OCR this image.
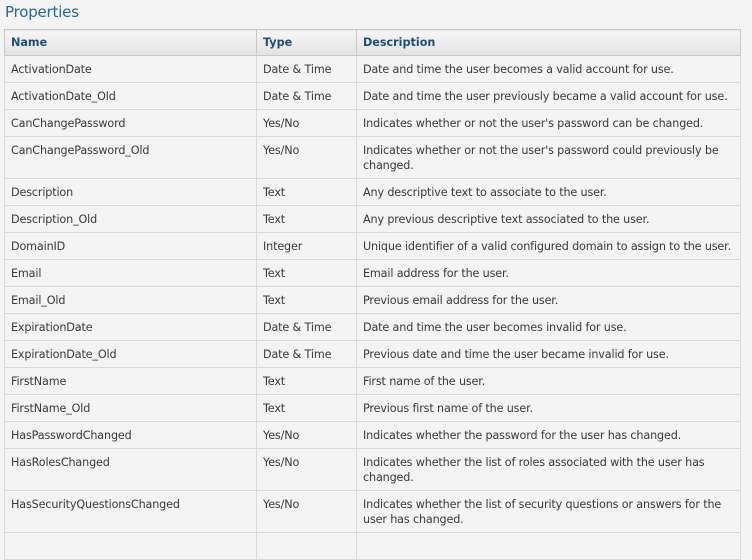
Properties
Name	Type	Description
ActivationDate	Date & Time	Date and time the user becomes a valid account for use.
ActivationDate_Old	Date & Time	Date and time the user previously became a valid account for use.
CanChangePassword	Yes/No	Indicates whether or not the user's password can be changed.
CanChangePassword_Old	Yes/No	Indicates whether or not the user's password could previously be changed.
Description	Text	Any descriptive text to associate to the user.
Description_Old	Text	Any previous descriptive text associated to the user.
DomainID	Integer	Unique identifier of a valid configured domain to assign to the user.
Email	Text	Email address for the user.
Email_Old	Text	Previous email address for the user.
ExpirationDate	Date & Time	Date and time the user becomes invalid for use.
ExpirationDate_Old	Date & Time	Previous date and time the user became invalid for use.
FirstName	Text	First name of the user.
FirstName_Old	Text	Previous first name of the user.
HasPasswordChanged	Yes/No	Indicates whether the password for the user has changed.
HasRolesChanged	Yes/No	Indicates whether the list of roles associated with the user has changed.
HasSecurityQuestionsChanged	Yes/No	Indicates whether the list of security questions or answers for the user has changed.
